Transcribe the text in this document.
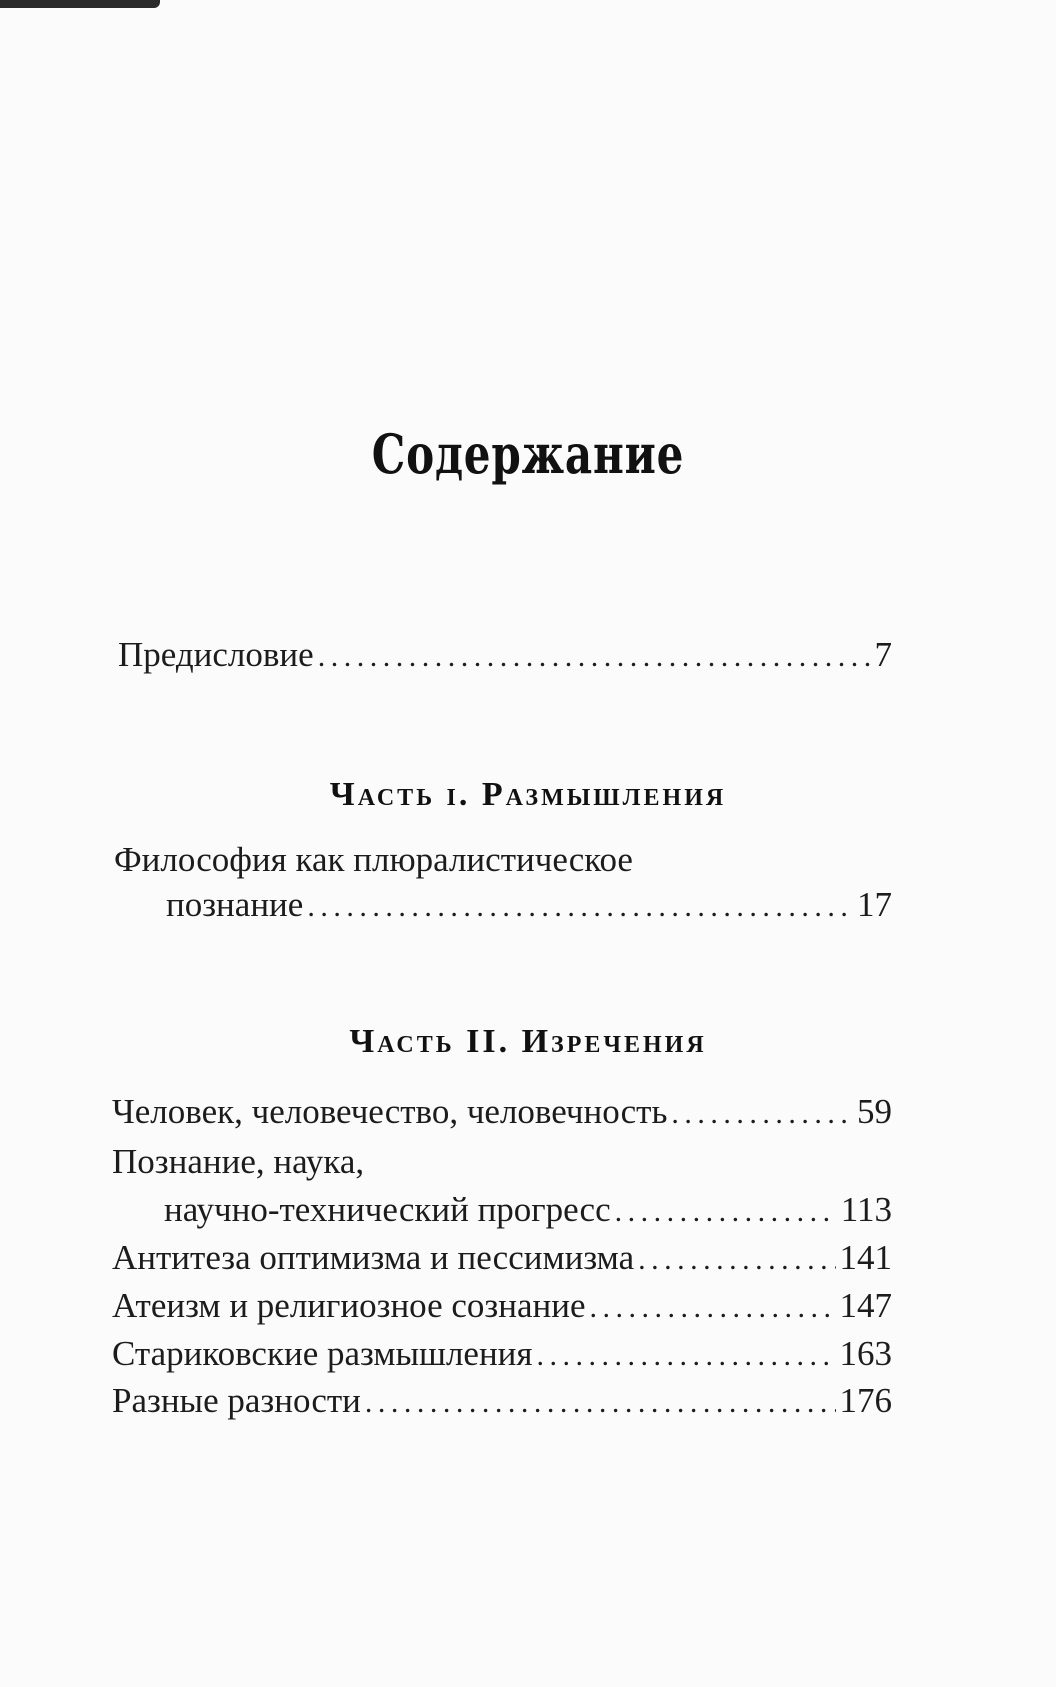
Содержание
Предисловие . . .	7
Часть i. Размышления
Философия как плюралистическое
познание . . .	17
Часть II. Изречения
Человек, человечество, человечность . . .	59
Познание, наука,
научно-технический прогресс . . .	113
Антитеза оптимизма и пессимизма . . .	141
Атеизм и религиозное сознание . . .	147
Стариковские размышления . . .	163
Разные разности . . .	176
